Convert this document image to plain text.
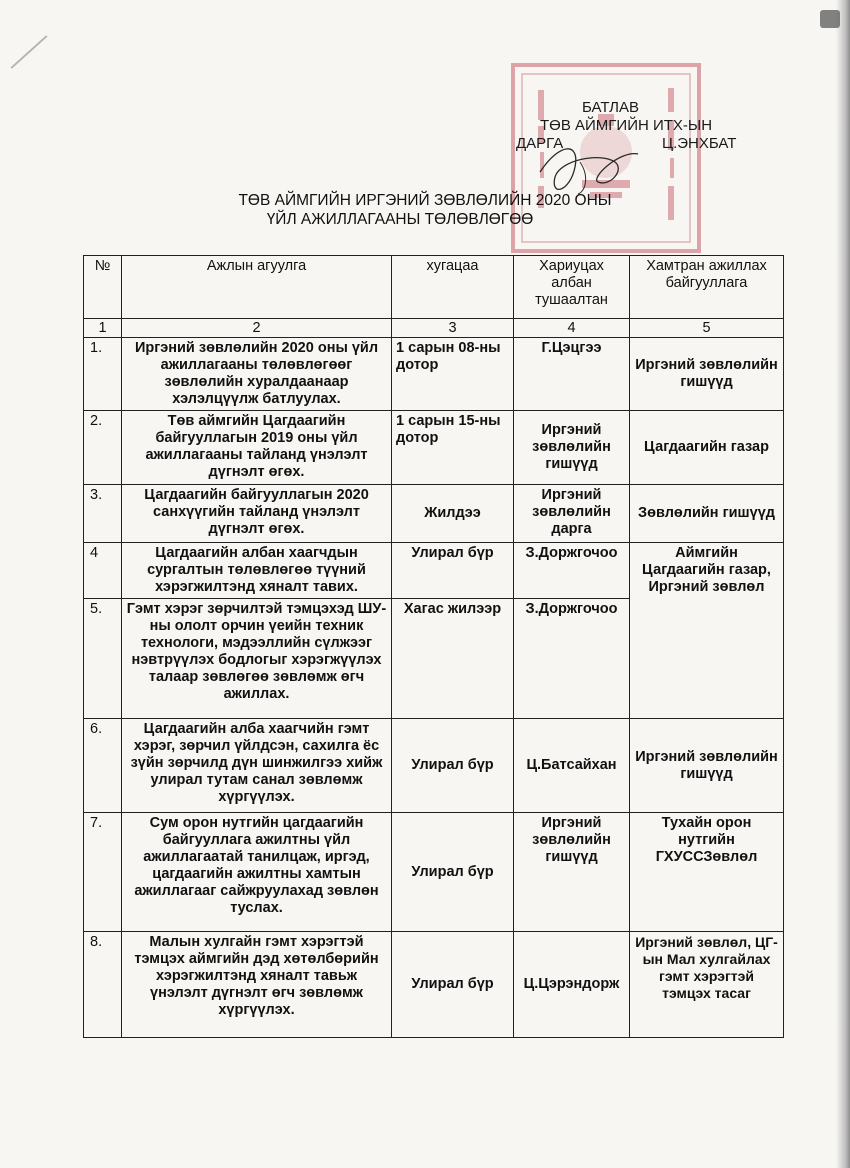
БАТЛАВ
ТӨВ АЙМГИЙН ИТХ-ЫН
ДАРГА	Ц.ЭНХБАТ
ТӨВ АЙМГИЙН ИРГЭНИЙ ЗӨВЛӨЛИЙН 2020 ОНЫ
ҮЙЛ АЖИЛЛАГААНЫ ТӨЛӨВЛӨГӨӨ
№	Ажлын агуулга	хугацаа	Хариуцах албан тушаалтан	Хамтран ажиллах байгууллага
1	2	3	4	5
1.	Иргэний зөвлөлийн 2020 оны үйл ажиллагааны төлөвлөгөөг зөвлөлийн хуралдаанаар хэлэлцүүлж батлуулах.	1 сарын 08-ны дотор	Г.Цэцгээ	Иргэний зөвлөлийн гишүүд
2.	Төв аймгийн Цагдаагийн байгууллагын 2019 оны үйл ажиллагааны тайланд үнэлэлт дүгнэлт өгөх.	1 сарын 15-ны дотор	Иргэний зөвлөлийн гишүүд	Цагдаагийн газар
3.	Цагдаагийн байгууллагын 2020 санхүүгийн тайланд үнэлэлт дүгнэлт өгөх.	Жилдээ	Иргэний зөвлөлийн дарга	Зөвлөлийн гишүүд
4	Цагдаагийн албан хаагчдын сургалтын төлөвлөгөө түүний хэрэгжилтэнд хяналт тавих.	Улирал бүр	З.Доржгочоо	Аймгийн Цагдаагийн газар, Иргэний зөвлөл
5.	Гэмт хэрэг зөрчилтэй тэмцэхэд ШУ-ны ололт орчин үеийн техник технологи, мэдээллийн сүлжээг нэвтрүүлэх бодлогыг хэрэгжүүлэх талаар зөвлөгөө зөвлөмж өгч ажиллах.	Хагас жилээр	З.Доржгочоо	
6.	Цагдаагийн алба хаагчийн гэмт хэрэг, зөрчил үйлдсэн, сахилга ёс зүйн зөрчилд дүн шинжилгээ хийж улирал тутам санал зөвлөмж хүргүүлэх.	Улирал бүр	Ц.Батсайхан	Иргэний зөвлөлийн гишүүд
7.	Сум орон нутгийн цагдаагийн байгууллага ажилтны үйл ажиллагаатай танилцаж, иргэд, цагдаагийн ажилтны хамтын ажиллагааг сайжруулахад зөвлөн туслах.	Улирал бүр	Иргэний зөвлөлийн гишүүд	Тухайн орон нутгийн ГХУССЗөвлөл
8.	Малын хулгайн гэмт хэрэгтэй тэмцэх аймгийн дэд хөтөлбөрийн хэрэгжилтэнд хяналт тавьж үнэлэлт дүгнэлт өгч зөвлөмж хүргүүлэх.	Улирал бүр	Ц.Цэрэндорж	Иргэний зөвлөл, ЦГ-ын Мал хулгайлах гэмт хэрэгтэй тэмцэх тасаг
